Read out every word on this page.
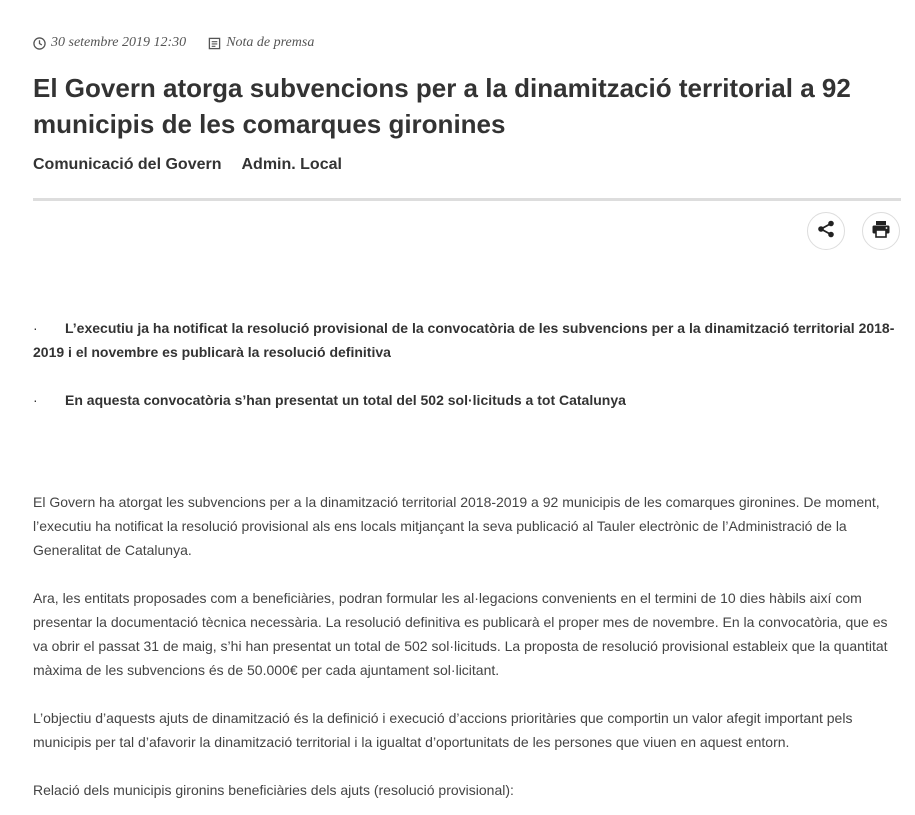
30 setembre 2019 12:30	Nota de premsa
El Govern atorga subvencions per a la dinamització territorial a 92 municipis de les comarques gironines
Comunicació del Govern Admin. Local

· L’executiu ja ha notificat la resolució provisional de la convocatòria de les subvencions per a la dinamització territorial 2018-2019 i el novembre es publicarà la resolució definitiva

· En aquesta convocatòria s’han presentat un total del 502 sol·licituds a tot Catalunya

El Govern ha atorgat les subvencions per a la dinamització territorial 2018-2019 a 92 municipis de les comarques gironines. De moment, l’executiu ha notificat la resolució provisional als ens locals mitjançant la seva publicació al Tauler electrònic de l’Administració de la Generalitat de Catalunya.

Ara, les entitats proposades com a beneficiàries, podran formular les al·legacions convenients en el termini de 10 dies hàbils així com presentar la documentació tècnica necessària. La resolució definitiva es publicarà el proper mes de novembre. En la convocatòria, que es va obrir el passat 31 de maig, s’hi han presentat un total de 502 sol·licituds. La proposta de resolució provisional estableix que la quantitat màxima de les subvencions és de 50.000€ per cada ajuntament sol·licitant.

L’objectiu d’aquests ajuts de dinamització és la definició i execució d’accions prioritàries que comportin un valor afegit important pels municipis per tal d’afavorir la dinamització territorial i la igualtat d’oportunitats de les persones que viuen en aquest entorn.

Relació dels municipis gironins beneficiàries dels ajuts (resolució provisional):
